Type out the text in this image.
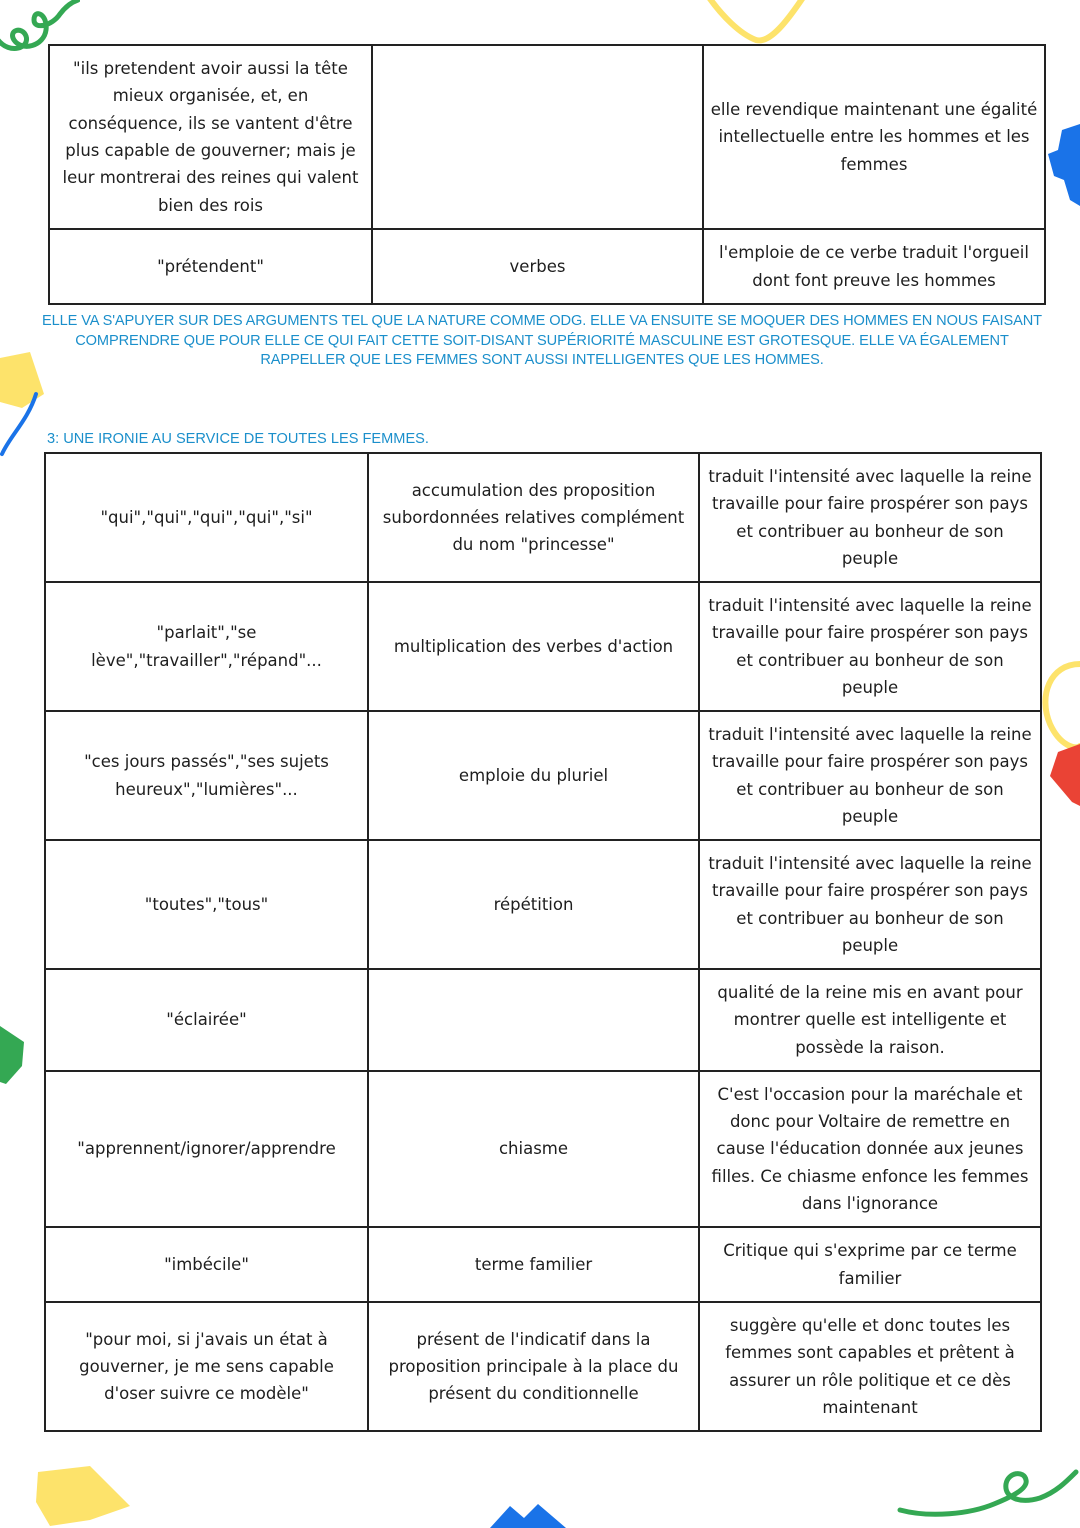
"ils pretendent avoir aussi la tête mieux organisée, et, en conséquence, ils se vantent d'être plus capable de gouverner; mais je leur montrerai des reines qui valent bien des rois		elle revendique maintenant une égalité intellectuelle entre les hommes et les femmes
"prétendent"	verbes	l'emploie de ce verbe traduit l'orgueil dont font preuve les hommes
ELLE VA S'APUYER SUR DES ARGUMENTS TEL QUE LA NATURE COMME ODG. ELLE VA ENSUITE SE MOQUER DES HOMMES EN NOUS FAISANT COMPRENDRE QUE POUR ELLE CE QUI FAIT CETTE SOIT-DISANT SUPÉRIORITÉ MASCULINE EST GROTESQUE. ELLE VA ÉGALEMENT RAPPELLER QUE LES FEMMES SONT AUSSI INTELLIGENTES QUE LES HOMMES.
3: UNE IRONIE AU SERVICE DE TOUTES LES FEMMES.
"qui","qui","qui","qui","si"	accumulation des proposition subordonnées relatives complément du nom "princesse"	traduit l'intensité avec laquelle la reine travaille pour faire prospérer son pays et contribuer au bonheur de son peuple
"parlait","se lève","travailler","répand"...	multiplication des verbes d'action	traduit l'intensité avec laquelle la reine travaille pour faire prospérer son pays et contribuer au bonheur de son peuple
"ces jours passés","ses sujets heureux","lumières"...	emploie du pluriel	traduit l'intensité avec laquelle la reine travaille pour faire prospérer son pays et contribuer au bonheur de son peuple
"toutes","tous"	répétition	traduit l'intensité avec laquelle la reine travaille pour faire prospérer son pays et contribuer au bonheur de son peuple
"éclairée"		qualité de la reine mis en avant pour montrer quelle est intelligente et possède la raison.
"apprennent/ignorer/apprendre	chiasme	C'est l'occasion pour la maréchale et donc pour Voltaire de remettre en cause l'éducation donnée aux jeunes filles. Ce chiasme enfonce les femmes dans l'ignorance
"imbécile"	terme familier	Critique qui s'exprime par ce terme familier
"pour moi, si j'avais un état à gouverner, je me sens capable d'oser suivre ce modèle"	présent de l'indicatif dans la proposition principale à la place du présent du conditionnelle	suggère qu'elle et donc toutes les femmes sont capables et prêtent à assurer un rôle politique et ce dès maintenant
